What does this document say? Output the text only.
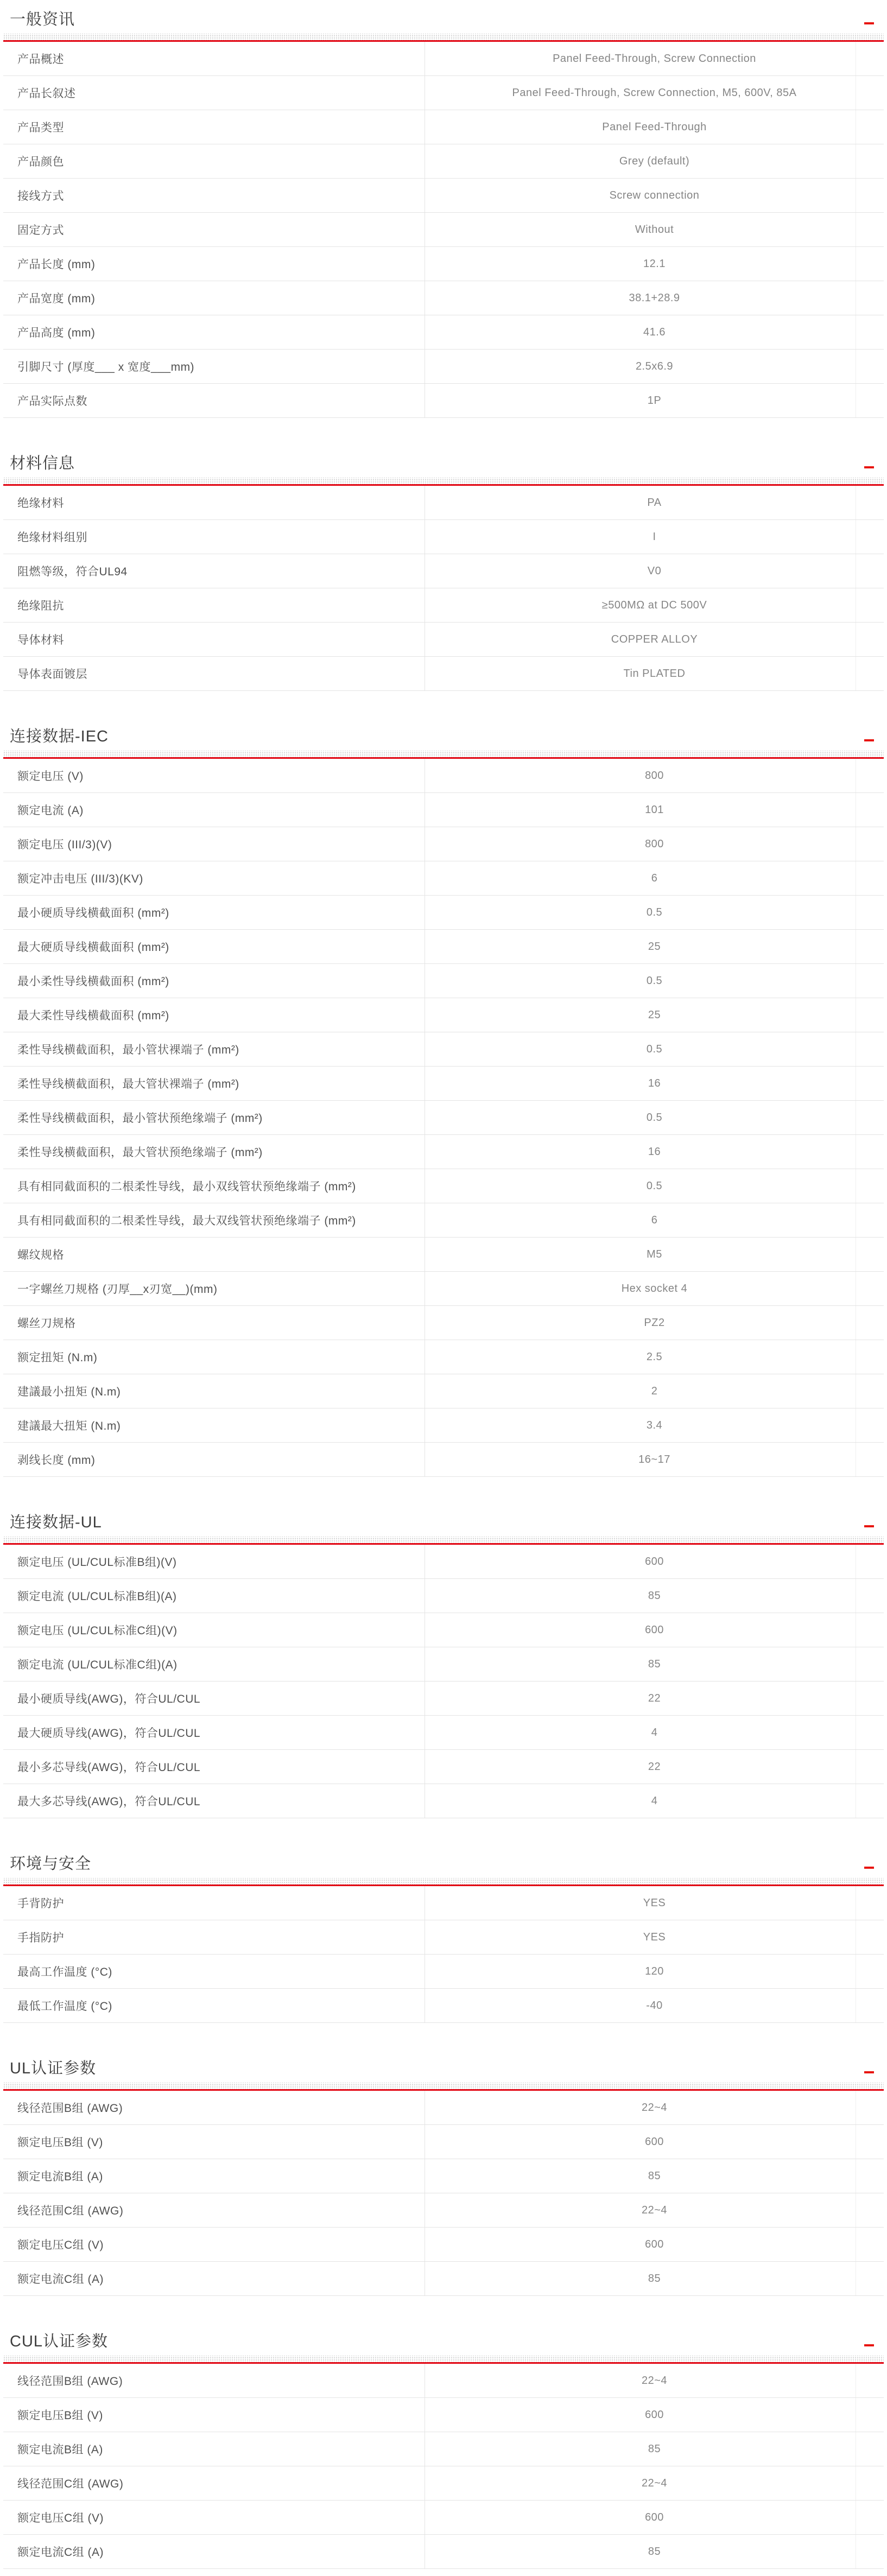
一般资讯
产品概述	Panel Feed-Through, Screw Connection
产品长叙述	Panel Feed-Through, Screw Connection, M5, 600V, 85A
产品类型	Panel Feed-Through
产品颜色	Grey (default)
接线方式	Screw connection
固定方式	Without
产品长度 (mm)	12.1
产品宽度 (mm)	38.1+28.9
产品高度 (mm)	41.6
引脚尺寸 (厚度___ x 宽度___mm)	2.5x6.9
产品实际点数	1P
材料信息
绝缘材料	PA
绝缘材料组别	I
阻燃等级，符合UL94	V0
绝缘阻抗	≥500MΩ at DC 500V
导体材料	COPPER ALLOY
导体表面镀层	Tin PLATED
连接数据-IEC
额定电压 (V)	800
额定电流 (A)	101
额定电压 (III/3)(V)	800
额定冲击电压 (III/3)(KV)	6
最小硬质导线横截面积 (mm²)	0.5
最大硬质导线横截面积 (mm²)	25
最小柔性导线横截面积 (mm²)	0.5
最大柔性导线横截面积 (mm²)	25
柔性导线横截面积，最小管状裸端子 (mm²)	0.5
柔性导线横截面积，最大管状裸端子 (mm²)	16
柔性导线横截面积，最小管状预绝缘端子 (mm²)	0.5
柔性导线横截面积，最大管状预绝缘端子 (mm²)	16
具有相同截面积的二根柔性导线，最小双线管状预绝缘端子 (mm²)	0.5
具有相同截面积的二根柔性导线，最大双线管状预绝缘端子 (mm²)	6
螺纹规格	M5
一字螺丝刀规格 (刃厚__x刃宽__)(mm)	Hex socket 4
螺丝刀规格	PZ2
额定扭矩 (N.m)	2.5
建議最小扭矩 (N.m)	2
建議最大扭矩 (N.m)	3.4
剥线长度 (mm)	16~17
连接数据-UL
额定电压 (UL/CUL标准B组)(V)	600
额定电流 (UL/CUL标准B组)(A)	85
额定电压 (UL/CUL标准C组)(V)	600
额定电流 (UL/CUL标准C组)(A)	85
最小硬质导线(AWG)，符合UL/CUL	22
最大硬质导线(AWG)，符合UL/CUL	4
最小多芯导线(AWG)，符合UL/CUL	22
最大多芯导线(AWG)，符合UL/CUL	4
环境与安全
手背防护	YES
手指防护	YES
最高工作温度 (°C)	120
最低工作温度 (°C)	-40
UL认证参数
线径范围B组 (AWG)	22~4
额定电压B组 (V)	600
额定电流B组 (A)	85
线径范围C组 (AWG)	22~4
额定电压C组 (V)	600
额定电流C组 (A)	85
CUL认证参数
线径范围B组 (AWG)	22~4
额定电压B组 (V)	600
额定电流B组 (A)	85
线径范围C组 (AWG)	22~4
额定电压C组 (V)	600
额定电流C组 (A)	85
